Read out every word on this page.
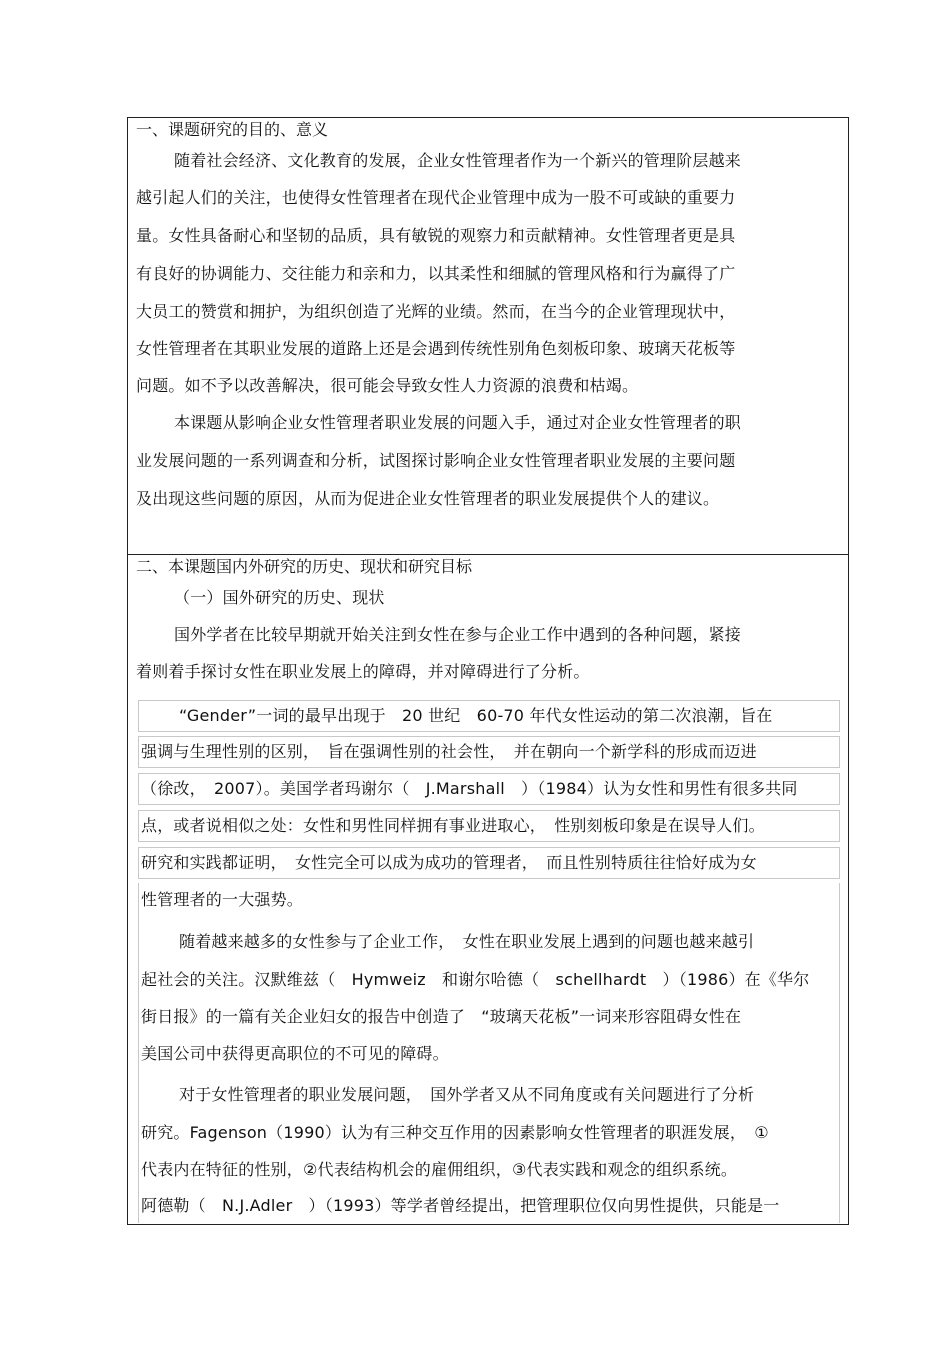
一、课题研究的目的、意义
随着社会经济、文化教育的发展，企业女性管理者作为一个新兴的管理阶层越来
越引起人们的关注，也使得女性管理者在现代企业管理中成为一股不可或缺的重要力
量。女性具备耐心和坚韧的品质，具有敏锐的观察力和贡献精神。女性管理者更是具
有良好的协调能力、交往能力和亲和力，以其柔性和细腻的管理风格和行为赢得了广
大员工的赞赏和拥护，为组织创造了光辉的业绩。然而，在当今的企业管理现状中，
女性管理者在其职业发展的道路上还是会遇到传统性别角色刻板印象、玻璃天花板等
问题。如不予以改善解决，很可能会导致女性人力资源的浪费和枯竭。
本课题从影响企业女性管理者职业发展的问题入手，通过对企业女性管理者的职
业发展问题的一系列调查和分析，试图探讨影响企业女性管理者职业发展的主要问题
及出现这些问题的原因，从而为促进企业女性管理者的职业发展提供个人的建议。
二、本课题国内外研究的历史、现状和研究目标
（一）国外研究的历史、现状
国外学者在比较早期就开始关注到女性在参与企业工作中遇到的各种问题，紧接
着则着手探讨女性在职业发展上的障碍，并对障碍进行了分析。
“Gender”一词的最早出现于　20 世纪　60-70 年代女性运动的第二次浪潮，旨在
强调与生理性别的区别，　旨在强调性别的社会性，　并在朝向一个新学科的形成而迈进
（徐改，　2007）。美国学者玛谢尔（　J.Marshall　）（1984）认为女性和男性有很多共同
点，或者说相似之处：女性和男性同样拥有事业进取心，　性别刻板印象是在误导人们。
研究和实践都证明，　女性完全可以成为成功的管理者，　而且性别特质往往恰好成为女
性管理者的一大强势。
随着越来越多的女性参与了企业工作，　女性在职业发展上遇到的问题也越来越引
起社会的关注。汉默维兹（　Hymweiz　和谢尔哈德（　schellhardt　）（1986）在《华尔
街日报》的一篇有关企业妇女的报告中创造了　“玻璃天花板”一词来形容阻碍女性在
美国公司中获得更高职位的不可见的障碍。
对于女性管理者的职业发展问题，　国外学者又从不同角度或有关问题进行了分析
研究。Fagenson（1990）认为有三种交互作用的因素影响女性管理者的职涯发展，　①
代表内在特征的性别，②代表结构机会的雇佣组织，③代表实践和观念的组织系统。
阿德勒（　N.J.Adler　）（1993）等学者曾经提出，把管理职位仅向男性提供，只能是一
